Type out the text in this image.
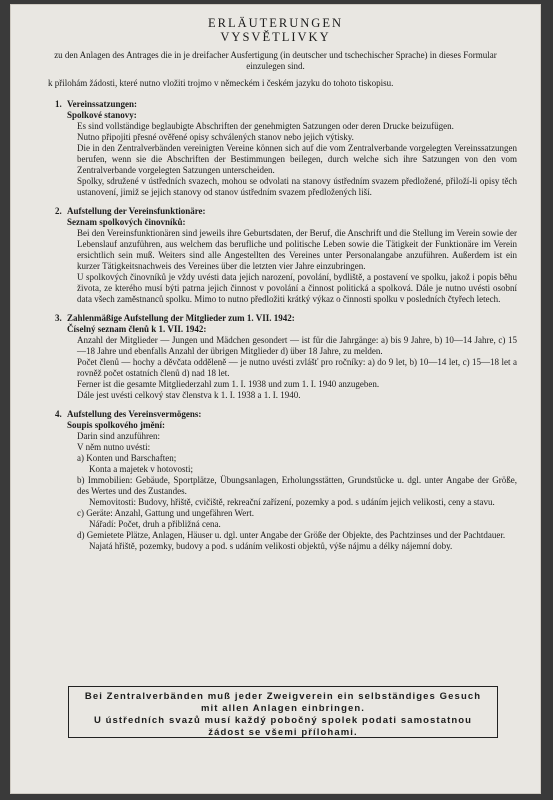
ERLÄUTERUNGEN
VYSVĚTLIVKY
zu den Anlagen des Antrages die in je dreifacher Ausfertigung (in deutscher und tschechischer Sprache) in dieses Formular einzulegen sind.
k přilohám žádosti, které nutno vložiti trojmo v německém i českém jazyku do tohoto tiskopisu.
1. Vereinssatzungen:
Spolkové stanovy:

Es sind vollständige beglaubigte Abschriften der genehmigten Satzungen oder deren Drucke beizufügen.

Nutno připojiti přesné ověřené opisy schválených stanov nebo jejich výtisky.

Die in den Zentralverbänden vereinigten Vereine können sich auf die vom Zentralverbande vorgelegten Vereinssatzungen berufen, wenn sie die Abschriften der Bestimmungen beilegen, durch welche sich ihre Satzungen von den vom Zentralverbande vorgelegten Satzungen unterscheiden.

Spolky, sdružené v ústředních svazech, mohou se odvolati na stanovy ústředním svazem předložené, přiloží-li opisy těch ustanovení, jimiž se jejich stanovy od stanov ústředním svazem předložených liší.

2. Aufstellung der Vereinsfunktionäre:
Seznam spolkových činovníků:

Bei den Vereinsfunktionären sind jeweils ihre Geburtsdaten, der Beruf, die Anschrift und die Stellung im Verein sowie der Lebenslauf anzuführen, aus welchem das berufliche und politische Leben sowie die Tätigkeit der Funktionäre im Verein ersichtlich sein muß. Weiters sind alle Angestellten des Vereines unter Personalangabe anzuführen. Außerdem ist ein kurzer Tätigkeitsnachweis des Vereines über die letzten vier Jahre einzubringen.

U spolkových činovníků je vždy uvésti data jejich narození, povolání, bydliště, a postavení ve spolku, jakož i popis běhu života, ze kterého musí býti patrna jejich činnost v povolání a činnost politická a spolková. Dále je nutno uvésti osobní data všech zaměstnanců spolku. Mimo to nutno předložiti krátký výkaz o činnosti spolku v posledních čtyřech letech.

3. Zahlenmäßige Aufstellung der Mitglieder zum 1. VII. 1942:
Číselný seznam členů k 1. VII. 1942:

Anzahl der Mitglieder — Jungen und Mädchen gesondert — ist für die Jahrgänge: a) bis 9 Jahre, b) 10—14 Jahre, c) 15—18 Jahre und ebenfalls Anzahl der übrigen Mitglieder d) über 18 Jahre, zu melden.

Počet členů — hochy a děvčata odděleně — je nutno uvésti zvlášť pro ročníky: a) do 9 let, b) 10—14 let, c) 15—18 let a rovněž počet ostatních členů d) nad 18 let.

Ferner ist die gesamte Mitgliederzahl zum 1. I. 1938 und zum 1. I. 1940 anzugeben.

Dále jest uvésti celkový stav členstva k 1. I. 1938 a 1. I. 1940.

4. Aufstellung des Vereinsvermögens:
Soupis spolkového jmění:

Darin sind anzuführen:

V něm nutno uvésti:

a) Konten und Barschaften;

Konta a majetek v hotovosti;

b) Immobilien: Gebäude, Sportplätze, Übungsanlagen, Erholungsstätten, Grundstücke u. dgl. unter Angabe der Größe, des Wertes und des Zustandes.

Nemovitosti: Budovy, hřiště, cvičiště, rekreační zařízení, pozemky a pod. s udáním jejich velikosti, ceny a stavu.

c) Geräte: Anzahl, Gattung und ungefähren Wert.

Nářadí: Počet, druh a přibližná cena.

d) Gemietete Plätze, Anlagen, Häuser u. dgl. unter Angabe der Größe der Objekte, des Pachtzinses und der Pachtdauer.

Najatá hřiště, pozemky, budovy a pod. s udáním velikosti objektů, výše nájmu a délky nájemní doby.

Bei Zentralverbänden muß jeder Zweigverein ein selbständiges Gesuch mit allen Anlagen einbringen.

U ústředních svazů musí každý pobočný spolek podati samostatnou žádost se všemi přílohami.
